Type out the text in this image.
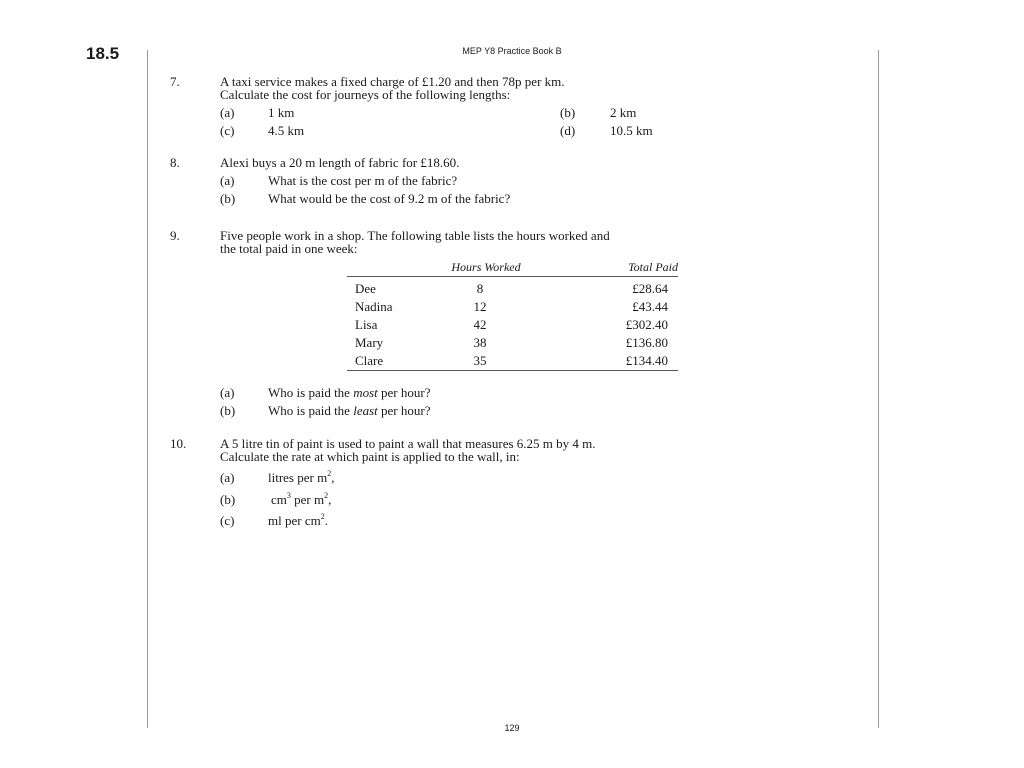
18.5	MEP Y8 Practice Book B
129
7.	A taxi service makes a fixed charge of £1.20 and then 78p per km.
Calculate the cost for journeys of the following lengths:
(a)	1 km	(b)	2 km
(c)	4.5 km	(d)	10.5 km
8.	Alexi buys a 20 m length of fabric for £18.60.
(a)	What is the cost per m of the fabric?
(b)	What would be the cost of 9.2 m of the fabric?
9.	Five people work in a shop. The following table lists the hours worked and
the total paid in one week:
Hours Worked	Total Paid
Dee	8	£28.64
Nadina	12	£43.44
Lisa	42	£302.40
Mary	38	£136.80
Clare	35	£134.40
(a)	Who is paid the most per hour?
(b)	Who is paid the least per hour?
10.	A 5 litre tin of paint is used to paint a wall that measures 6.25 m by 4 m.
Calculate the rate at which paint is applied to the wall, in:
(a)	litres per $m^2$,
(b)	$cm^3$ per $m^2$,
(c)	ml per $cm^2$.
